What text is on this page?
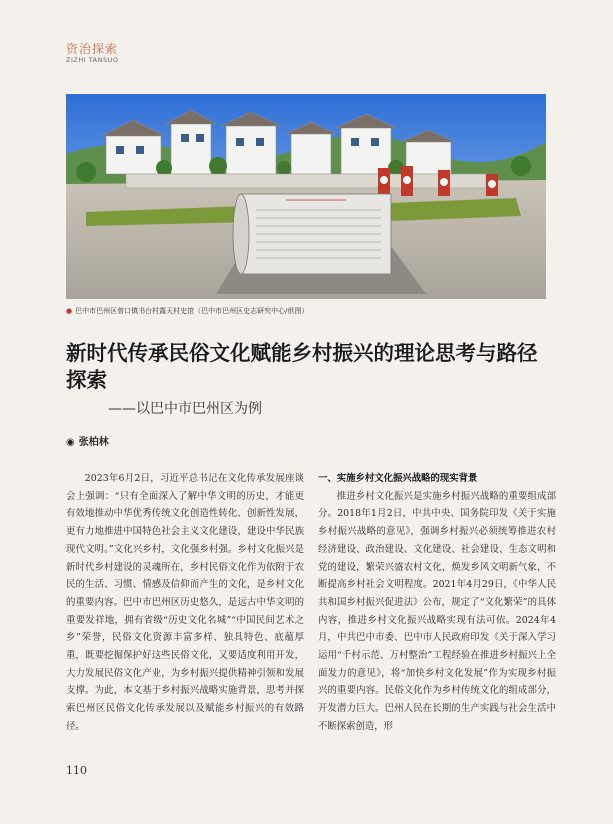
资治探索
ZIZHI TANSUO
● 巴中市巴州区曾口镇书台村露天村史馆（巴中市巴州区史志研究中心/供图）
新时代传承民俗文化赋能乡村振兴的理论思考与路径探索
——以巴中市巴州区为例
◉ 张柏林

2023年6月2日，习近平总书记在文化传承发展座谈会上强调：“只有全面深入了解中华文明的历史，才能更有效地推动中华优秀传统文化创造性转化、创新性发展，更有力地推进中国特色社会主义文化建设，建设中华民族现代文明。”文化兴乡村，文化强乡村强。乡村文化振兴是新时代乡村建设的灵魂所在，乡村民俗文化作为依附于农民的生活、习惯、情感及信仰而产生的文化，是乡村文化的重要内容。巴中市巴州区历史悠久，是远古中华文明的重要发祥地，拥有省级“历史文化名城”“中国民间艺术之乡”荣誉，民俗文化资源丰富多样、独具特色、底蕴厚重，既要挖掘保护好这些民俗文化，又要适度利用开发，大力发展民俗文化产业，为乡村振兴提供精神引领和发展支撑。为此，本文基于乡村振兴战略实施背景，思考并探索巴州区民俗文化传承发展以及赋能乡村振兴的有效路径。

一、实施乡村文化振兴战略的现实背景

推进乡村文化振兴是实施乡村振兴战略的重要组成部分。2018年1月2日，中共中央、国务院印发《关于实施乡村振兴战略的意见》，强调乡村振兴必须统筹推进农村经济建设、政治建设、文化建设、社会建设、生态文明和党的建设，繁荣兴盛农村文化，焕发乡风文明新气象，不断提高乡村社会文明程度。2021年4月29日，《中华人民共和国乡村振兴促进法》公布，规定了“文化繁荣”的具体内容，推进乡村文化振兴战略实现有法可依。2024年4月，中共巴中市委、巴中市人民政府印发《关于深入学习运用“千村示范、万村整治”工程经验在推进乡村振兴上全面发力的意见》，将“加快乡村文化发展”作为实现乡村振兴的重要内容。民俗文化作为乡村传统文化的组成部分，开发潜力巨大。巴州人民在长期的生产实践与社会生活中不断探索创造，形

110
